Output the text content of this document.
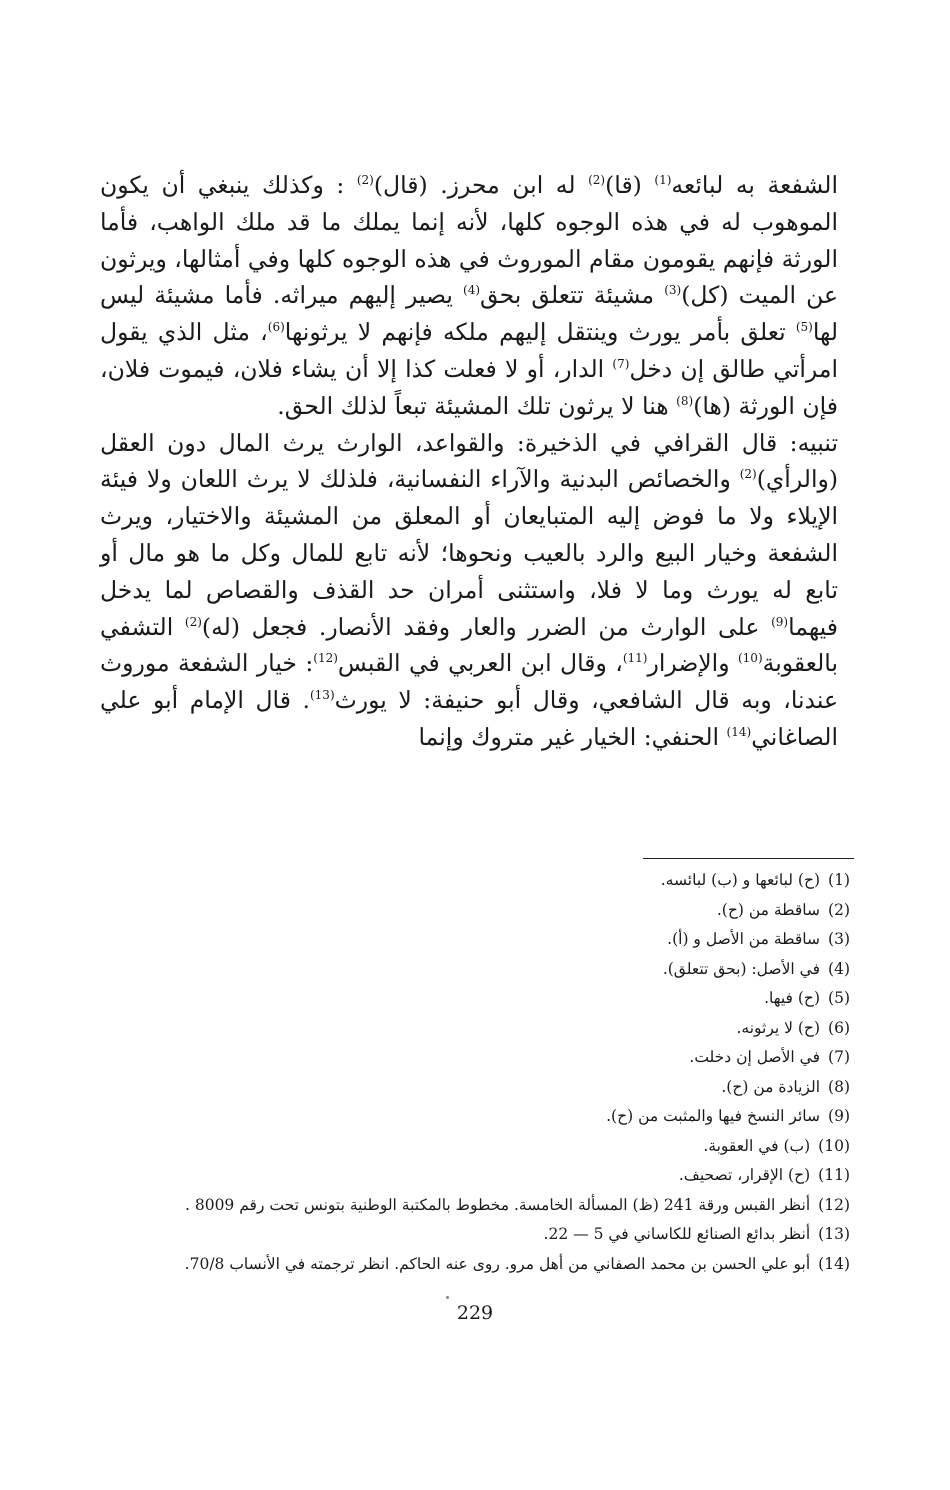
الشفعة به لبائعه$^{(1)}$ (قا)$^{(2)}$ له ابن محرز. (قال)$^{(2)}$ : وكذلك ينبغي أن يكون الموهوب له في هذه الوجوه كلها، لأنه إنما يملك ما قد ملك الواهب، فأما الورثة فإنهم يقومون مقام الموروث في هذه الوجوه كلها وفي أمثالها، ويرثون عن الميت (كل)$^{(3)}$ مشيئة تتعلق بحق$^{(4)}$ يصير إليهم ميراثه. فأما مشيئة ليس لها$^{(5)}$ تعلق بأمر يورث وينتقل إليهم ملكه فإنهم لا يرثونها$^{(6)}$، مثل الذي يقول امرأتي طالق إن دخل$^{(7)}$ الدار، أو لا فعلت كذا إلا أن يشاء فلان، فيموت فلان، فإن الورثة (ها)$^{(8)}$ هنا لا يرثون تلك المشيئة تبعاً لذلك الحق.

تنبيه: قال القرافي في الذخيرة: والقواعد، الوارث يرث المال دون العقل (والرأي)$^{(2)}$ والخصائص البدنية والآراء النفسانية، فلذلك لا يرث اللعان ولا فيئة الإيلاء ولا ما فوض إليه المتبايعان أو المعلق من المشيئة والاختيار، ويرث الشفعة وخيار البيع والرد بالعيب ونحوها؛ لأنه تابع للمال وكل ما هو مال أو تابع له يورث وما لا فلا، واستثنى أمران حد القذف والقصاص لما يدخل فيهما$^{(9)}$ على الوارث من الضرر والعار وفقد الأنصار. فجعل (له)$^{(2)}$ التشفي بالعقوبة$^{(10)}$ والإضرار$^{(11)}$، وقال ابن العربي في القبس$^{(12)}$: خيار الشفعة موروث عندنا، وبه قال الشافعي، وقال أبو حنيفة: لا يورث$^{(13)}$. قال الإمام أبو علي الصاغاني$^{(14)}$ الحنفي: الخيار غير متروك وإنما

(1)(ح) لبائعها و (ب) لبائسه.
(2)ساقطة من (ح).
(3)ساقطة من الأصل و (أ).
(4)في الأصل: (بحق تتعلق).
(5)(ح) فيها.
(6)(ح) لا يرثونه.
(7)في الأصل إن دخلت.
(8)الزيادة من (ح).
(9)سائر النسخ فيها والمثبت من (ح).
(10)(ب) في العقوبة.
(11)(ح) الإقرار، تصحيف.
(12)أنظر القبس ورقة 241 (ظ) المسألة الخامسة. مخطوط بالمكتبة الوطنية بتونس تحت رقم 8009 .
(13)أنظر بدائع الصنائع للكاساني في 5 — 22.
(14)أبو علي الحسن بن محمد الصفاني من أهل مرو. روى عنه الحاكم. انظر ترجمته في الأنساب 70/8.
229
